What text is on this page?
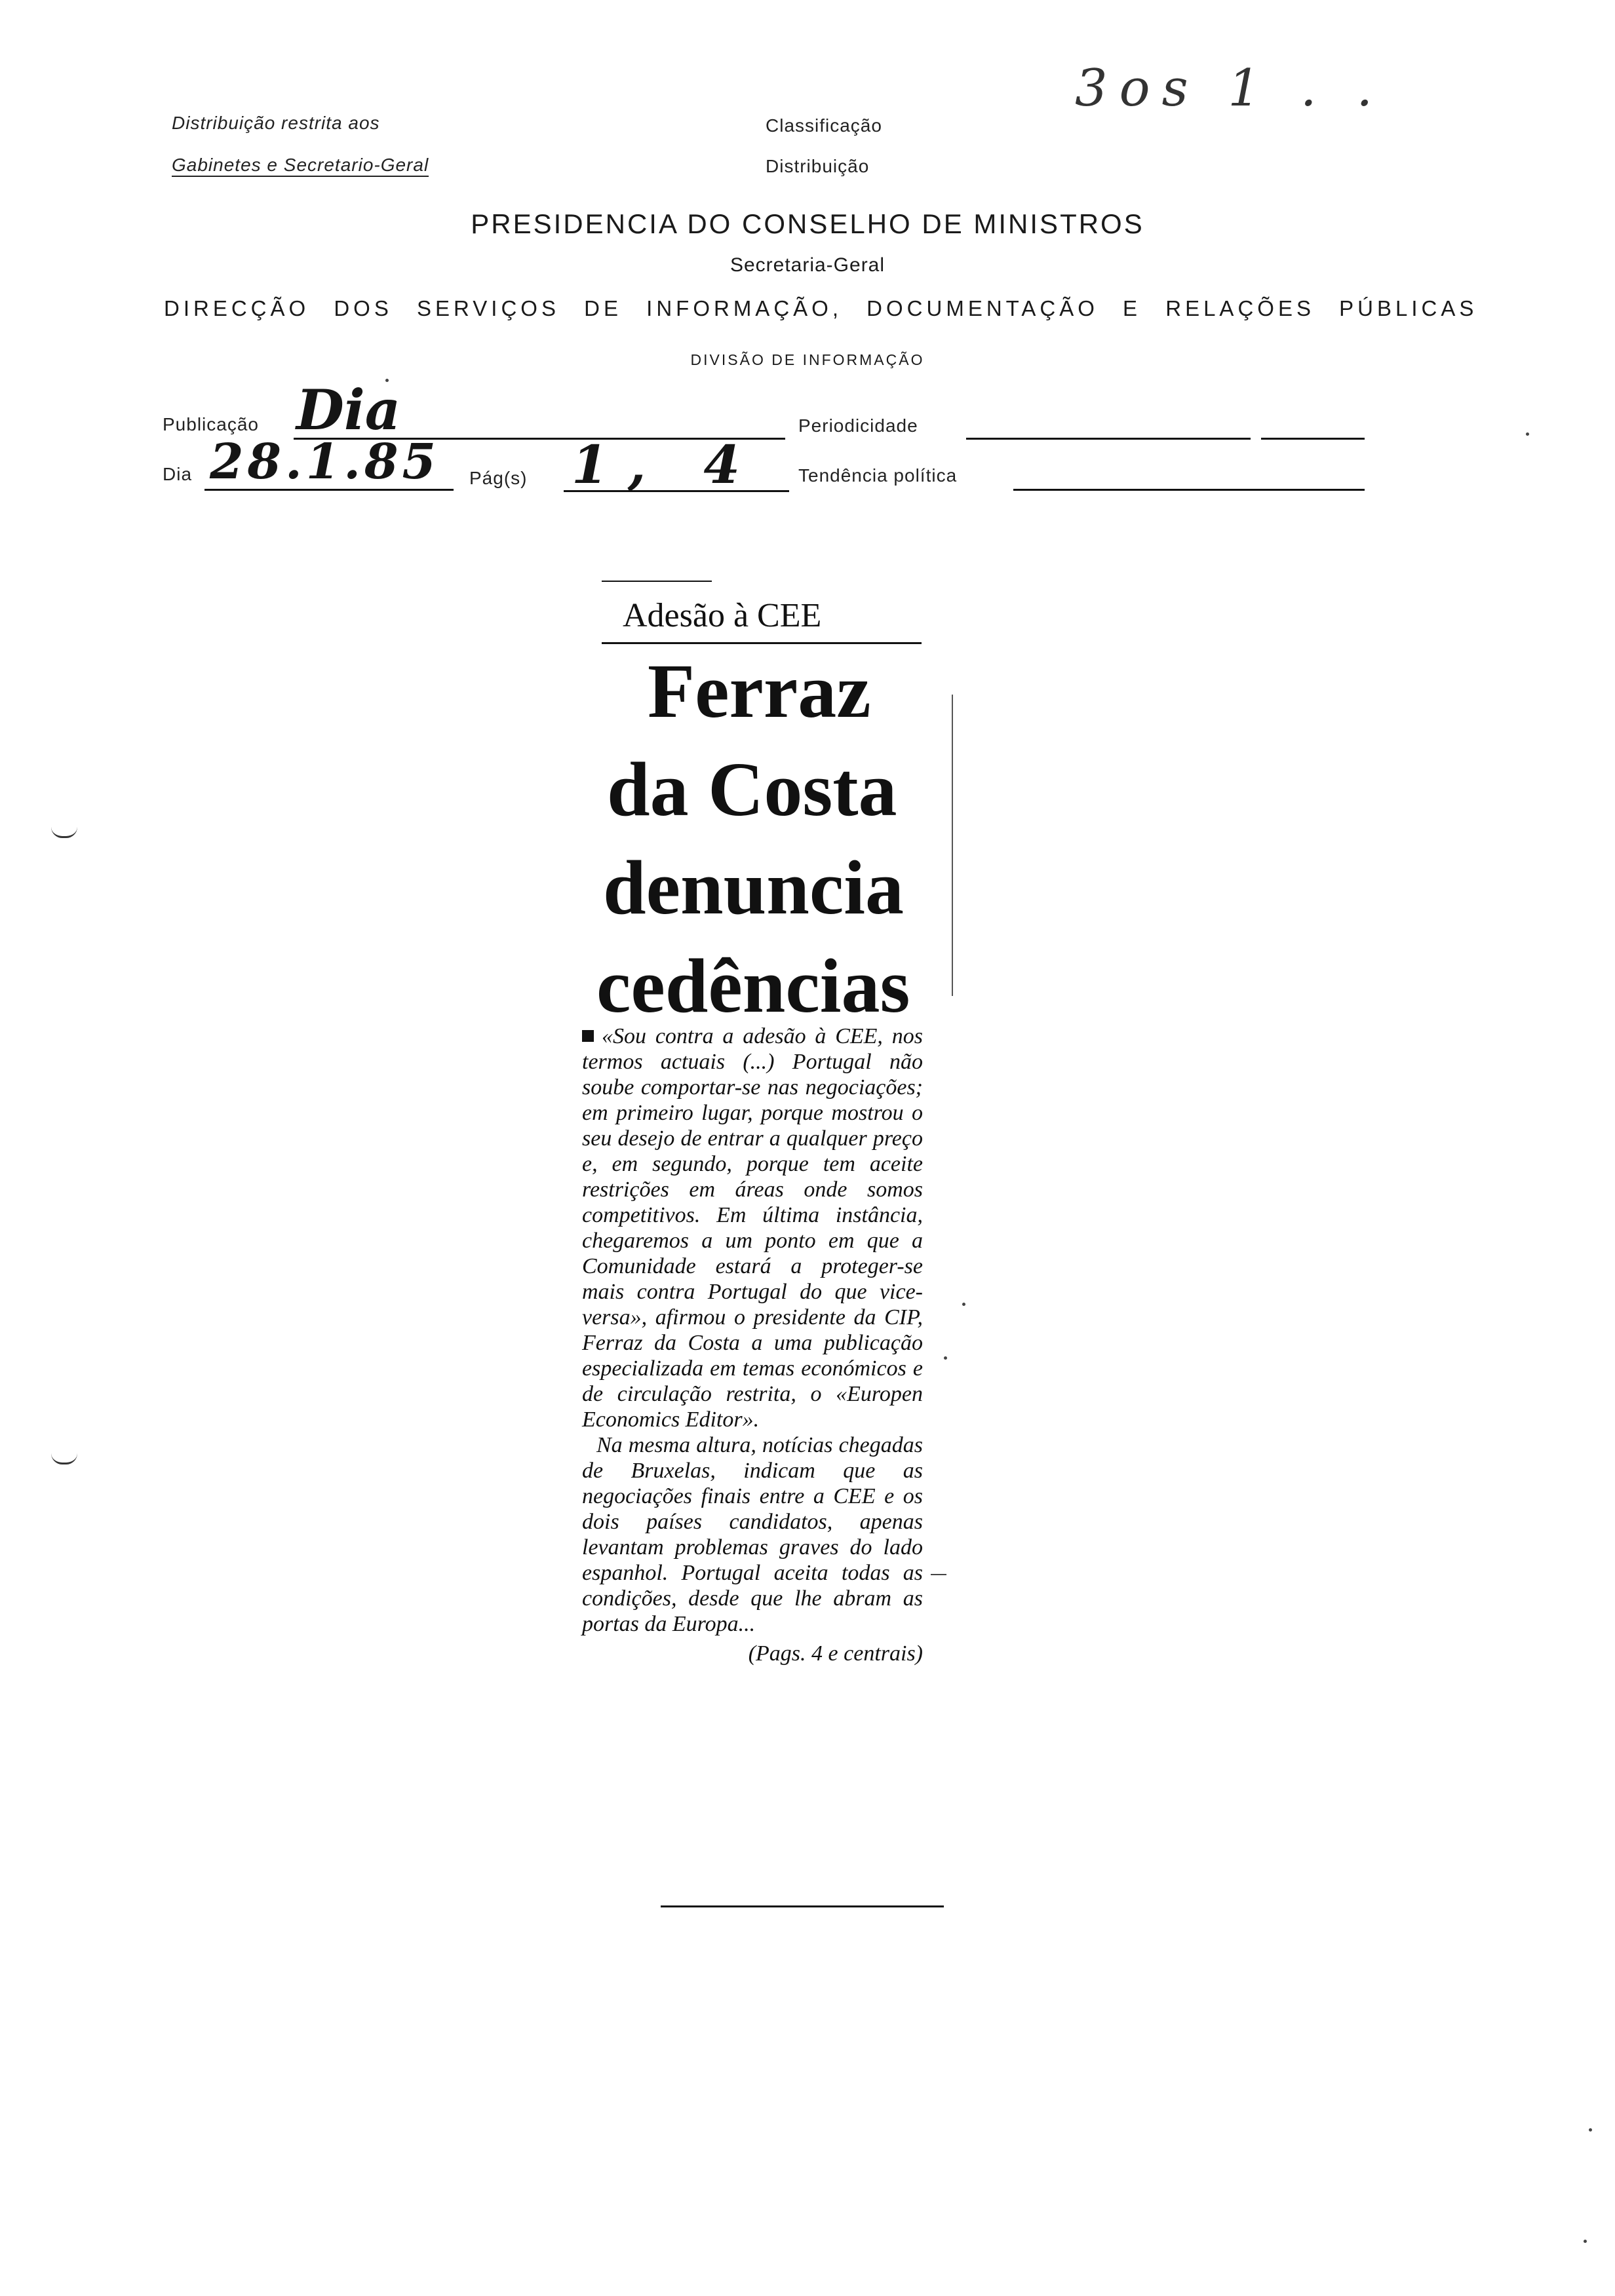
Distribuição restrita aos
Gabinetes e Secretario-Geral
Classificação
Distribuição
3os 1 . .
PRESIDENCIA DO CONSELHO DE MINISTROS
Secretaria-Geral
DIRECÇÃO DOS SERVIÇOS DE INFORMAÇÃO, DOCUMENTAÇÃO E RELAÇÕES PÚBLICAS
DIVISÃO DE INFORMAÇÃO
Publicação Dia	Periodicidade
Dia 28.1.85 Pág(s) 1, 4 Tendência política
Adesão à CEE
Ferraz
da Costa
denuncia
cedências

«Sou contra a adesão à CEE, nos termos actuais (...) Portugal não soube comportar-se nas negociações; em primeiro lugar, porque mostrou o seu desejo de entrar a qualquer preço e, em segundo, porque tem aceite restrições em áreas onde somos competitivos. Em última instância, chegaremos a um ponto em que a Comunidade estará a proteger-se mais contra Portugal do que vice-versa», afirmou o presidente da CIP, Ferraz da Costa a uma publicação especializada em temas económicos e de circulação restrita, o «Europen Economics Editor».

Na mesma altura, notícias chegadas de Bruxelas, indicam que as negociações finais entre a CEE e os dois países candidatos, apenas levantam problemas graves do lado espanhol. Portugal aceita todas as condições, desde que lhe abram as portas da Europa...

(Pags. 4 e centrais)
